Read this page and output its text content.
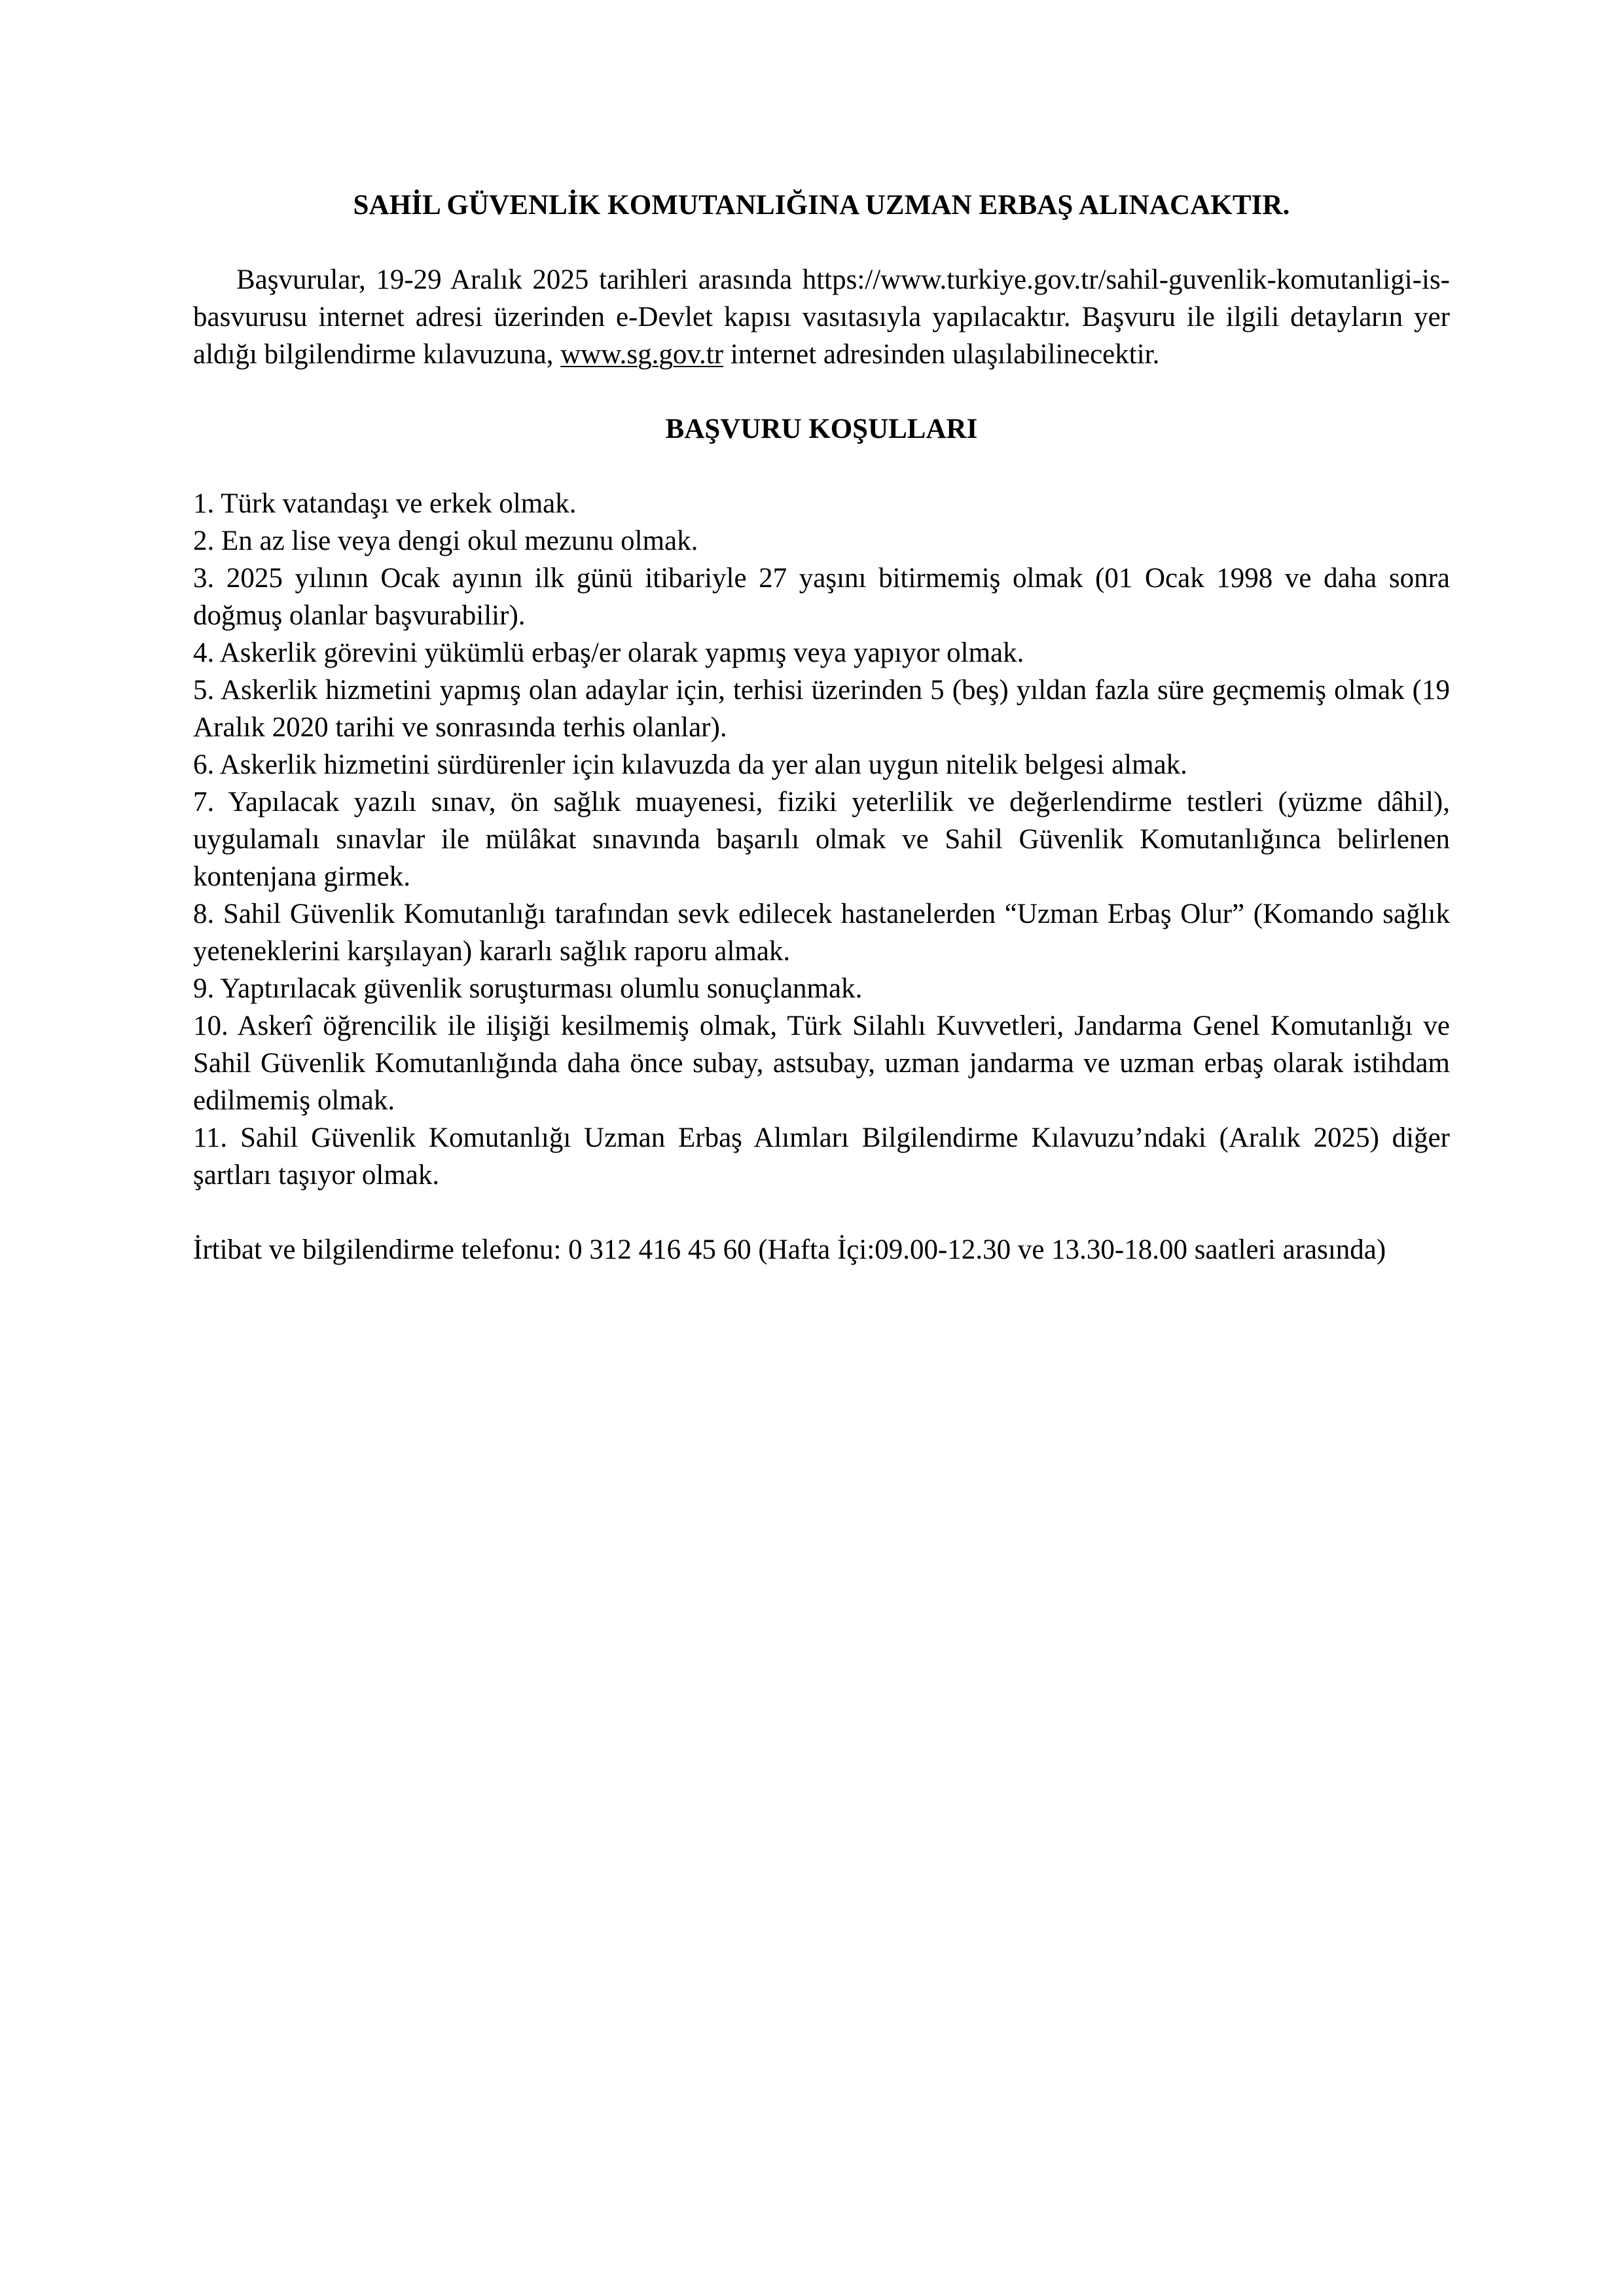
SAHİL GÜVENLİK KOMUTANLIĞINA UZMAN ERBAŞ ALINACAKTIR.

Başvurular, 19-29 Aralık 2025 tarihleri arasında https://www.turkiye.gov.tr/sahil-guvenlik-komutanligi-is-basvurusu internet adresi üzerinden e-Devlet kapısı vasıtasıyla yapılacaktır. Başvuru ile ilgili detayların yer aldığı bilgilendirme kılavuzuna, www.sg.gov.tr internet adresinden ulaşılabilinecektir.

BAŞVURU KOŞULLARI
1. Türk vatandaşı ve erkek olmak.
2. En az lise veya dengi okul mezunu olmak.
3. 2025 yılının Ocak ayının ilk günü itibariyle 27 yaşını bitirmemiş olmak (01 Ocak 1998 ve daha sonra doğmuş olanlar başvurabilir).
4. Askerlik görevini yükümlü erbaş/er olarak yapmış veya yapıyor olmak.
5. Askerlik hizmetini yapmış olan adaylar için, terhisi üzerinden 5 (beş) yıldan fazla süre geçmemiş olmak (19 Aralık 2020 tarihi ve sonrasında terhis olanlar).
6. Askerlik hizmetini sürdürenler için kılavuzda da yer alan uygun nitelik belgesi almak.
7. Yapılacak yazılı sınav, ön sağlık muayenesi, fiziki yeterlilik ve değerlendirme testleri (yüzme dâhil), uygulamalı sınavlar ile mülâkat sınavında başarılı olmak ve Sahil Güvenlik Komutanlığınca belirlenen kontenjana girmek.
8. Sahil Güvenlik Komutanlığı tarafından sevk edilecek hastanelerden “Uzman Erbaş Olur” (Komando sağlık yeteneklerini karşılayan) kararlı sağlık raporu almak.
9. Yaptırılacak güvenlik soruşturması olumlu sonuçlanmak.
10. Askerî öğrencilik ile ilişiği kesilmemiş olmak, Türk Silahlı Kuvvetleri, Jandarma Genel Komutanlığı ve Sahil Güvenlik Komutanlığında daha önce subay, astsubay, uzman jandarma ve uzman erbaş olarak istihdam edilmemiş olmak.
11. Sahil Güvenlik Komutanlığı Uzman Erbaş Alımları Bilgilendirme Kılavuzu’ndaki (Aralık 2025) diğer şartları taşıyor olmak.

İrtibat ve bilgilendirme telefonu: 0 312 416 45 60 (Hafta İçi:09.00-12.30 ve 13.30-18.00 saatleri arasında)
